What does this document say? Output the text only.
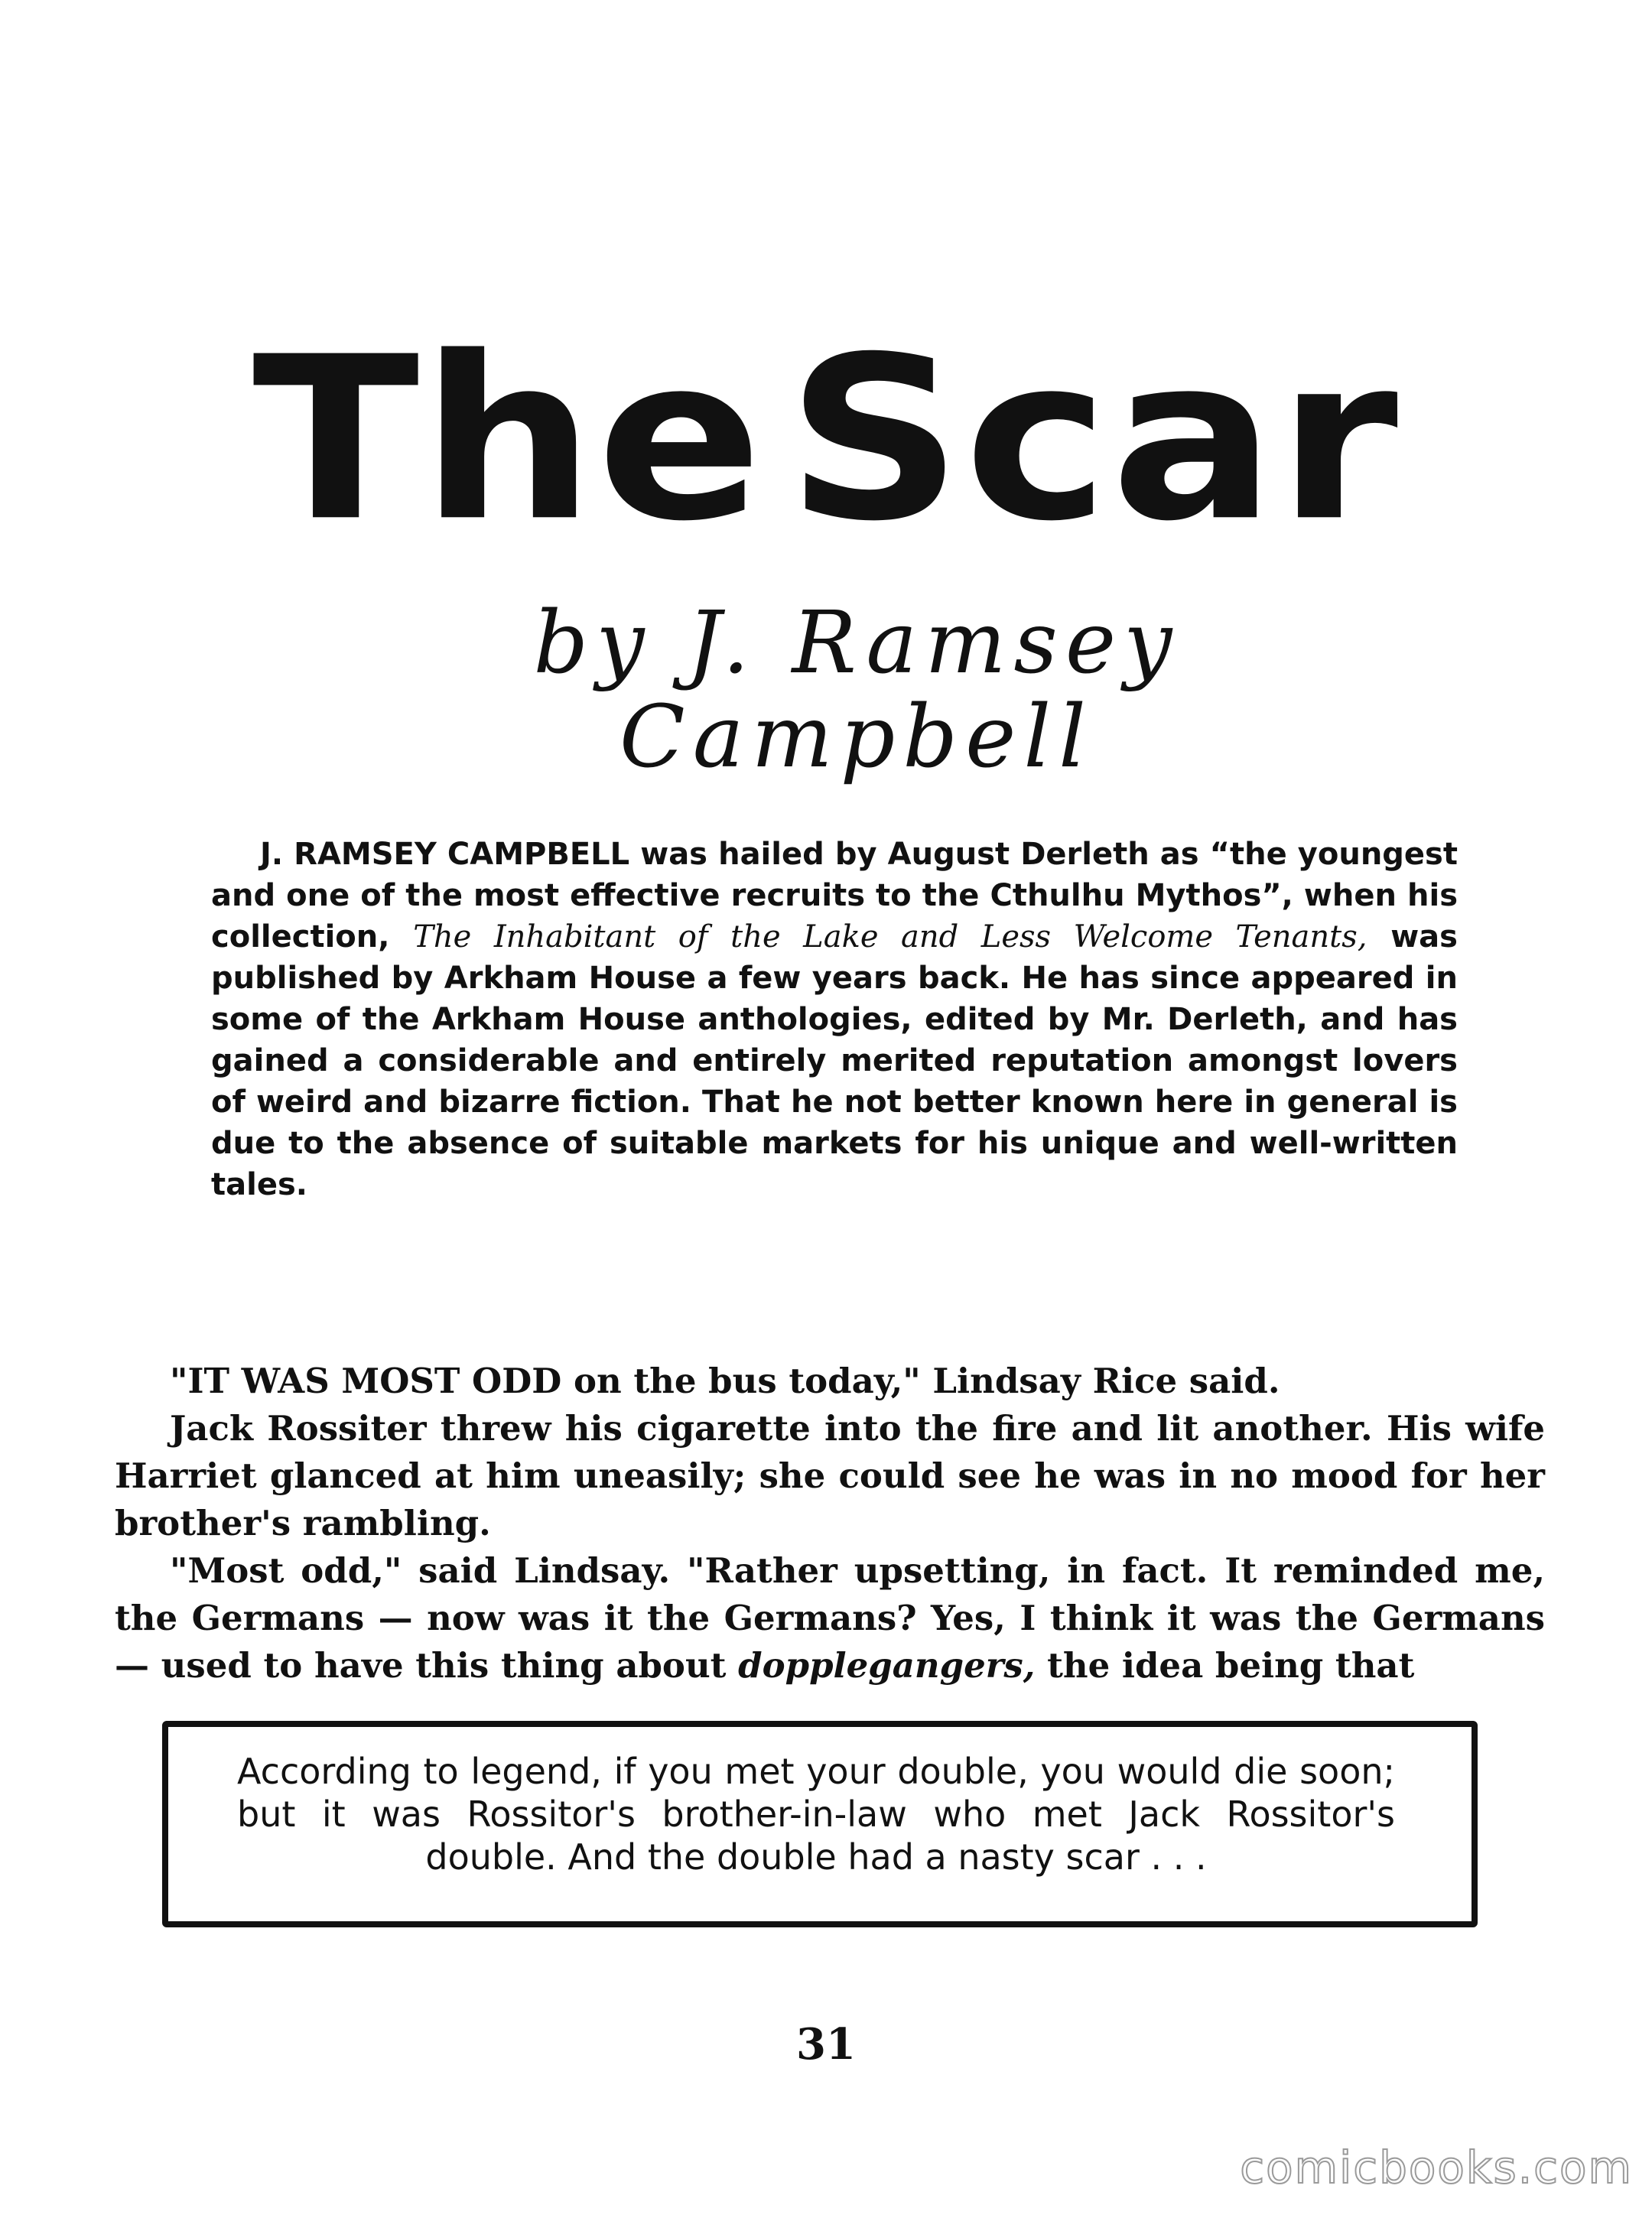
The Scar
by J. Ramsey Campbell

J. RAMSEY CAMPBELL was hailed by August Derleth as “the youngest and one of the most effective recruits to the Cthulhu Mythos”, when his collection, The Inhabitant of the Lake and Less Welcome Tenants, was published by Arkham House a few years back. He has since appeared in some of the Arkham House anthologies, edited by Mr. Derleth, and has gained a considerable and entirely merited reputation amongst lovers of weird and bizarre fiction. That he not better known here in general is due to the absence of suitable markets for his unique and well-written tales.

"IT WAS MOST ODD on the bus today," Lindsay Rice said.

Jack Rossiter threw his cigarette into the fire and lit another. His wife Harriet glanced at him uneasily; she could see he was in no mood for her brother's rambling.

"Most odd," said Lindsay. "Rather upsetting, in fact. It reminded me, the Germans — now was it the Germans? Yes, I think it was the Germans — used to have this thing about dopplegangers, the idea being that

According to legend, if you met your double, you would die soon; but it was Rossitor's brother-in-law who met Jack Rossitor's double. And the double had a nasty scar . . .

31
comicbooks.com
